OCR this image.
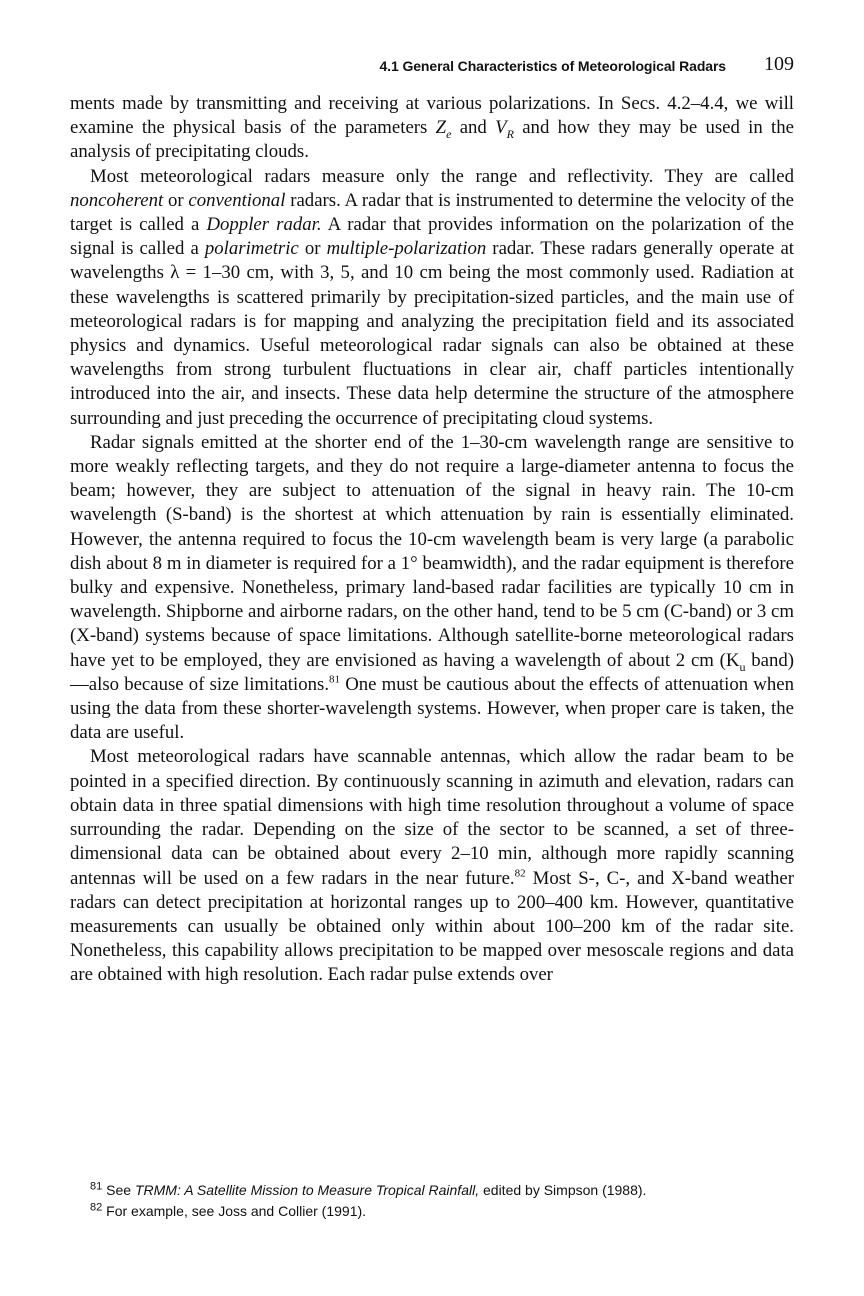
4.1 General Characteristics of Meteorological Radars 109

ments made by transmitting and receiving at various polarizations. In Secs. 4.2–4.4, we will examine the physical basis of the parameters $Z_e$ and $V_R$ and how they may be used in the analysis of precipitating clouds.

Most meteorological radars measure only the range and reflectivity. They are called noncoherent or conventional radars. A radar that is instrumented to determine the velocity of the target is called a Doppler radar. A radar that provides information on the polarization of the signal is called a polarimetric or multiple-polarization radar. These radars generally operate at wavelengths λ = 1–30 cm, with 3, 5, and 10 cm being the most commonly used. Radiation at these wavelengths is scattered primarily by precipitation-sized particles, and the main use of meteorological radars is for mapping and analyzing the precipitation field and its associated physics and dynamics. Useful meteorological radar signals can also be obtained at these wavelengths from strong turbulent fluctuations in clear air, chaff particles intentionally introduced into the air, and insects. These data help determine the structure of the atmosphere surrounding and just preceding the occurrence of precipitating cloud systems.

Radar signals emitted at the shorter end of the 1–30-cm wavelength range are sensitive to more weakly reflecting targets, and they do not require a large-diameter antenna to focus the beam; however, they are subject to attenuation of the signal in heavy rain. The 10-cm wavelength (S-band) is the shortest at which attenuation by rain is essentially eliminated. However, the antenna required to focus the 10-cm wavelength beam is very large (a parabolic dish about 8 m in diameter is required for a 1° beamwidth), and the radar equipment is therefore bulky and expensive. Nonetheless, primary land-based radar facilities are typically 10 cm in wavelength. Shipborne and airborne radars, on the other hand, tend to be 5 cm (C-band) or 3 cm (X-band) systems because of space limitations. Although satellite-borne meteorological radars have yet to be employed, they are envisioned as having a wavelength of about 2 cm ($K_u$ band)—also because of size limitations.$^{81}$ One must be cautious about the effects of attenuation when using the data from these shorter-wavelength systems. However, when proper care is taken, the data are useful.

Most meteorological radars have scannable antennas, which allow the radar beam to be pointed in a specified direction. By continuously scanning in azimuth and elevation, radars can obtain data in three spatial dimensions with high time resolution throughout a volume of space surrounding the radar. Depending on the size of the sector to be scanned, a set of three-dimensional data can be obtained about every 2–10 min, although more rapidly scanning antennas will be used on a few radars in the near future.$^{82}$ Most S-, C-, and X-band weather radars can detect precipitation at horizontal ranges up to 200–400 km. However, quantitative measurements can usually be obtained only within about 100–200 km of the radar site. Nonetheless, this capability allows precipitation to be mapped over mesoscale regions and data are obtained with high resolution. Each radar pulse extends over

$^{81}$ See TRMM: A Satellite Mission to Measure Tropical Rainfall, edited by Simpson (1988).

$^{82}$ For example, see Joss and Collier (1991).
